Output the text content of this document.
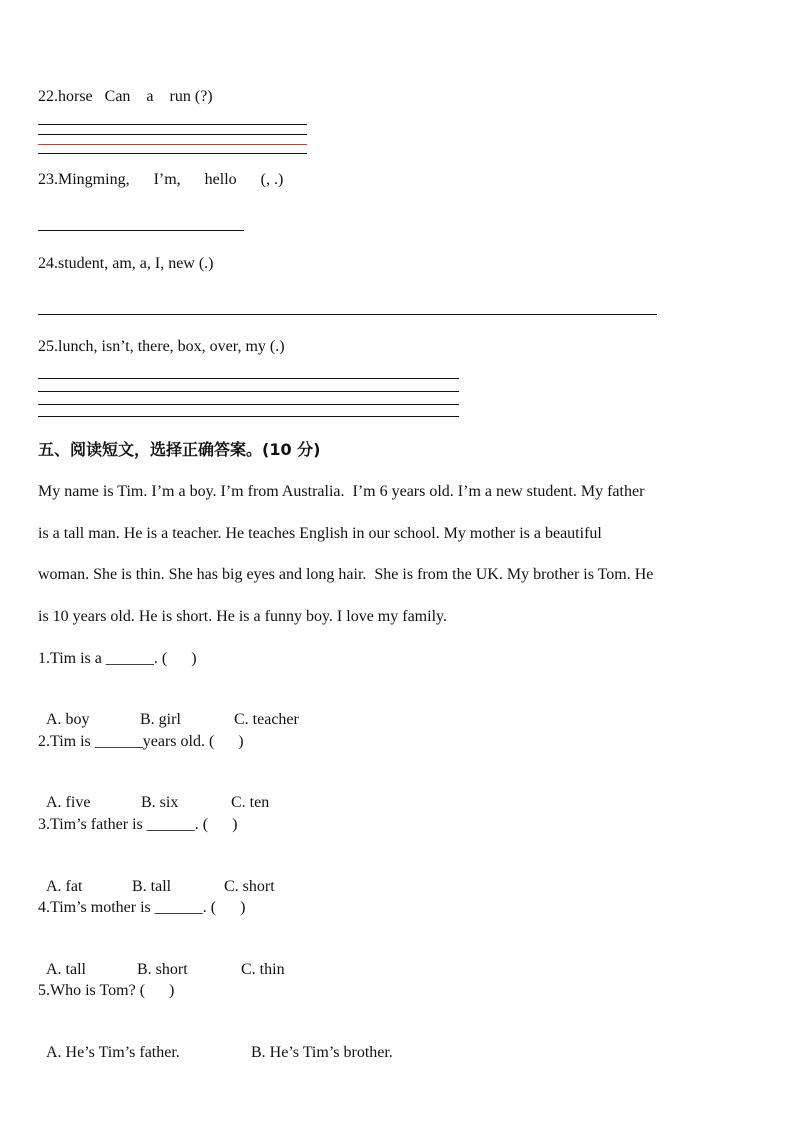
22.horse   Can    a    run (?)
23.Mingming,      I’m,      hello      (, .)
24.student, am, a, I, new (.)
25.lunch, isn’t, there, box, over, my (.)
五、阅读短文，选择正确答案。(10 分)
My name is Tim. I’m a boy. I’m from Australia.  I’m 6 years old. I’m a new student. My father
is a tall man. He is a teacher. He teaches English in our school. My mother is a beautiful
woman. She is thin. She has big eyes and long hair.  She is from the UK. My brother is Tom. He
is 10 years old. He is short. He is a funny boy. I love my family.
1.Tim is a ______. (      )

A. boy	B. girl	C. teacher

2.Tim is ______years old. (      )

A. five	B. six	C. ten

3.Tim’s father is ______. (      )

A. fat	B. tall	C. short

4.Tim’s mother is ______. (      )

A. tall	B. short	C. thin

5.Who is Tom? (      )

A. He’s Tim’s father.	B. He’s Tim’s brother.
